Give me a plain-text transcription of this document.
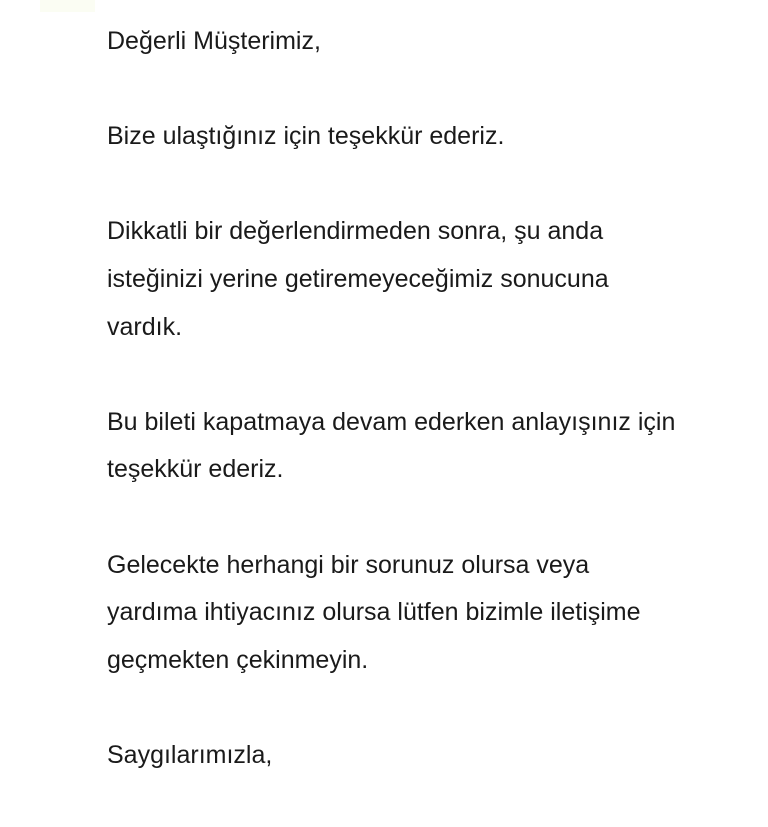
Değerli Müşterimiz,

Bize ulaştığınız için teşekkür ederiz.

Dikkatli bir değerlendirmeden sonra, şu anda
isteğinizi yerine getiremeyeceğimiz sonucuna
vardık.

Bu bileti kapatmaya devam ederken anlayışınız için
teşekkür ederiz.

Gelecekte herhangi bir sorunuz olursa veya
yardıma ihtiyacınız olursa lütfen bizimle iletişime
geçmekten çekinmeyin.

Saygılarımızla,
